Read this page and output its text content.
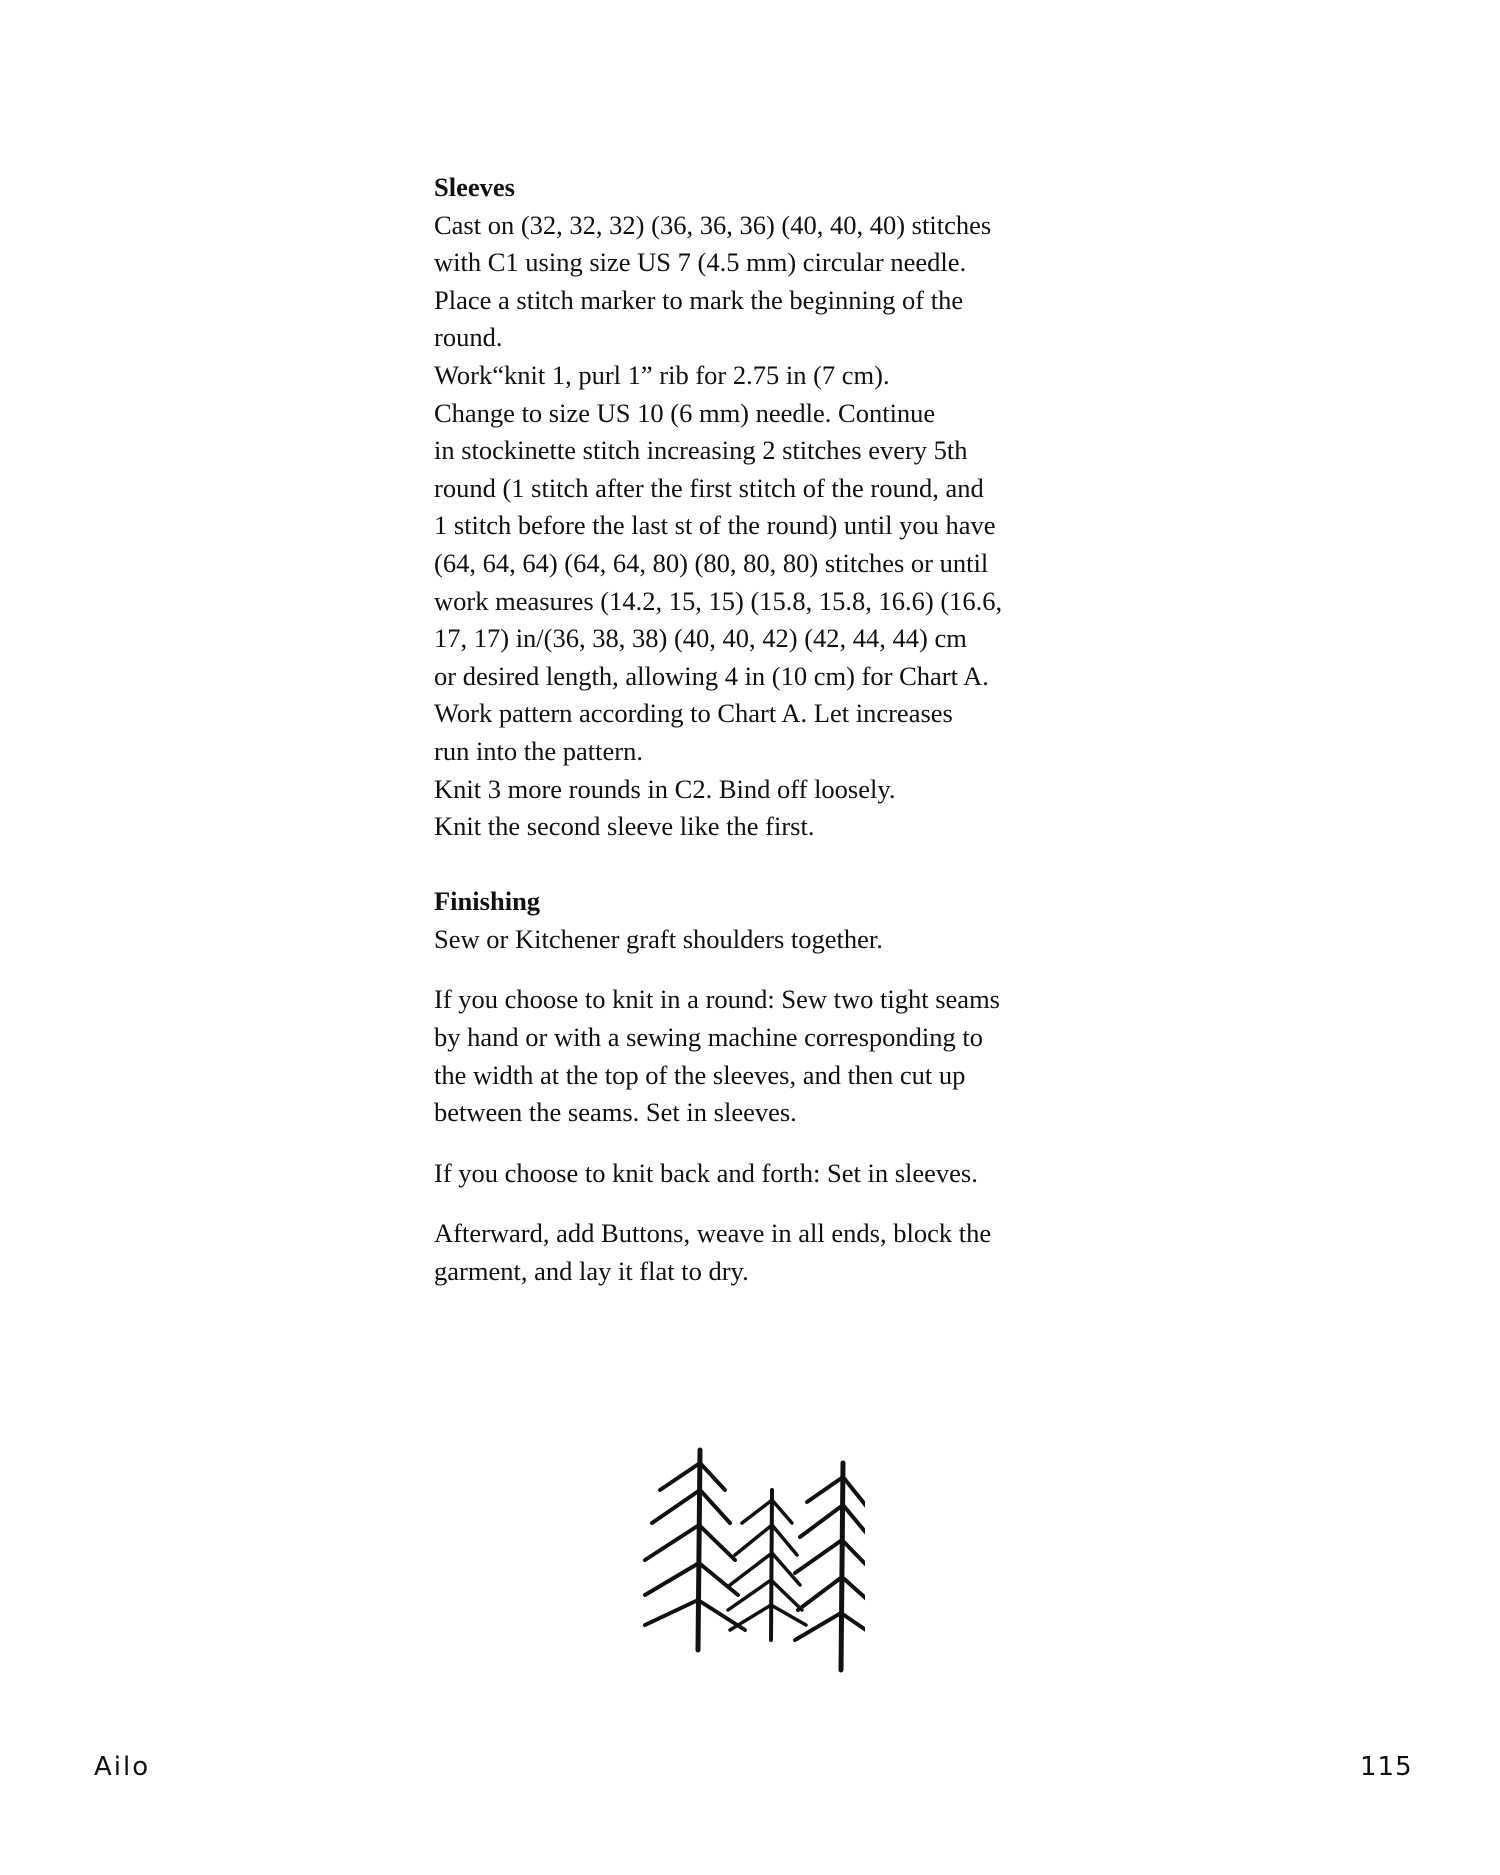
Sleeves
Cast on (32, 32, 32) (36, 36, 36) (40, 40, 40) stitches
with C1 using size US 7 (4.5 mm) circular needle.
Place a stitch marker to mark the beginning of the
round.
Work“knit 1, purl 1” rib for 2.75 in (7 cm).
Change to size US 10 (6 mm) needle. Continue
in stockinette stitch increasing 2 stitches every 5th
round (1 stitch after the first stitch of the round, and
1 stitch before the last st of the round) until you have
(64, 64, 64) (64, 64, 80) (80, 80, 80) stitches or until
work measures (14.2, 15, 15) (15.8, 15.8, 16.6) (16.6,
17, 17) in/(36, 38, 38) (40, 40, 42) (42, 44, 44) cm
or desired length, allowing 4 in (10 cm) for Chart A.
Work pattern according to Chart A. Let increases
run into the pattern.
Knit 3 more rounds in C2. Bind off loosely.
Knit the second sleeve like the first.
Finishing

Sew or Kitchener graft shoulders together.

If you choose to knit in a round: Sew two tight seams
by hand or with a sewing machine corresponding to
the width at the top of the sleeves, and then cut up
between the seams. Set in sleeves.

If you choose to knit back and forth: Set in sleeves.

Afterward, add Buttons, weave in all ends, block the
garment, and lay it flat to dry.

Ailo	115
